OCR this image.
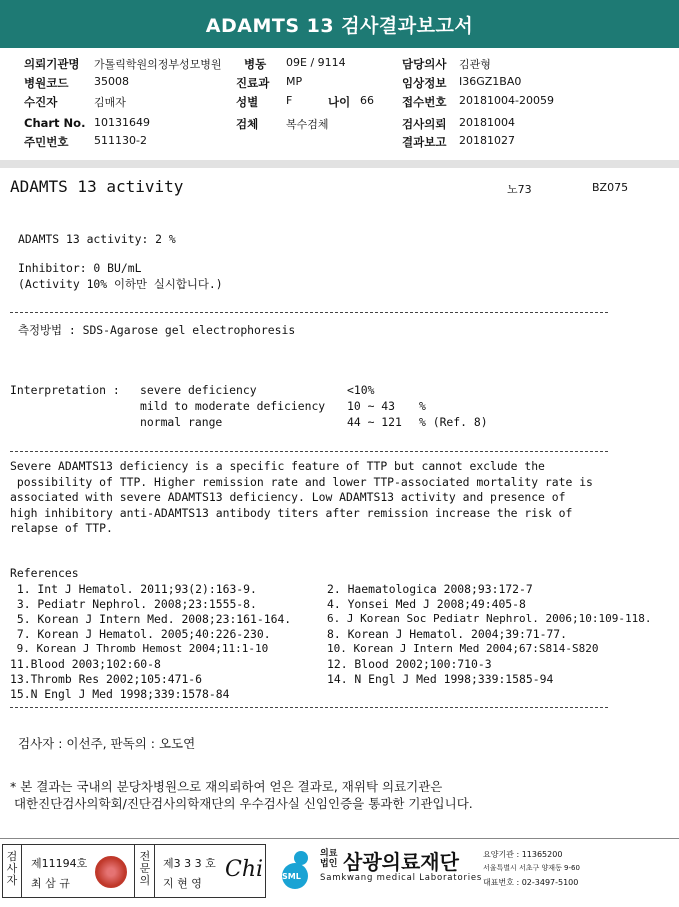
ADAMTS 13 검사결과보고서
의뢰기관명 가톨릭학원의정부성모병원 병동 09E / 9114	담당의사 김관형
병원코드 35008	진료과 MP	임상정보 I36GZ1BA0
수진자	김매자	성별	F	나이 66 접수번호 20181004-20059
Chart No. 10131649	검체	복수검체	검사의뢰 20181004
주민번호 511130-2	결과보고 20181027
ADAMTS 13 activity	노73	BZ075
ADAMTS 13 activity: 2 %
Inhibitor: 0 BU/mL
(Activity 10% 이하만 실시합니다.)
측정방법 : SDS-Agarose gel electrophoresis
Interpretation : severe deficiency	<10%
mild to moderate deficiency 10 ~ 43 %
normal range	44 ~ 121 % (Ref. 8)
Severe ADAMTS13 deficiency is a specific feature of TTP but cannot exclude the
possibility of TTP. Higher remission rate and lower TTP-associated mortality rate is
associated with severe ADAMTS13 deficiency. Low ADAMTS13 activity and presence of
high inhibitory anti-ADAMTS13 antibody titers after remission increase the risk of
relapse of TTP.
References
1. Int J Hematol. 2011;93(2):163-9.	2. Haematologica 2008;93:172-7
3. Pediatr Nephrol. 2008;23:1555-8.	4. Yonsei Med J 2008;49:405-8
5. Korean J Intern Med. 2008;23:161-164.	6. J Korean Soc Pediatr Nephrol. 2006;10:109-118.
7. Korean J Hematol. 2005;40:226-230.	8. Korean J Hematol. 2004;39:71-77.
9. Korean J Thromb Hemost 2004;11:1-10	10. Korean J Intern Med 2004;67:S814-S820
11.Blood 2003;102:60-8	12. Blood 2002;100:710-3
13.Thromb Res 2002;105:471-6	14. N Engl J Med 1998;339:1585-94
15.N Engl J Med 1998;339:1578-84
검사자 : 이선주, 판독의 : 오도연
* 본 결과는 국내의 분당차병원으로 재의뢰하여 얻은 결과로, 재위탁 의료기관은
대한진단검사의학회/진단검사의학재단의 우수검사실 신임인증을 통과한 기관입니다.
검
사
자
제11194호
최 삼 규
전
문
의
제3 3 3 호
지 현 영
Chi SML
의료
법인 삼광의료재단
Samkwang medical Laboratories
요양기관 : 11365200
서울특별시 서초구 양재동 9-60
대표번호 : 02-3497-5100
